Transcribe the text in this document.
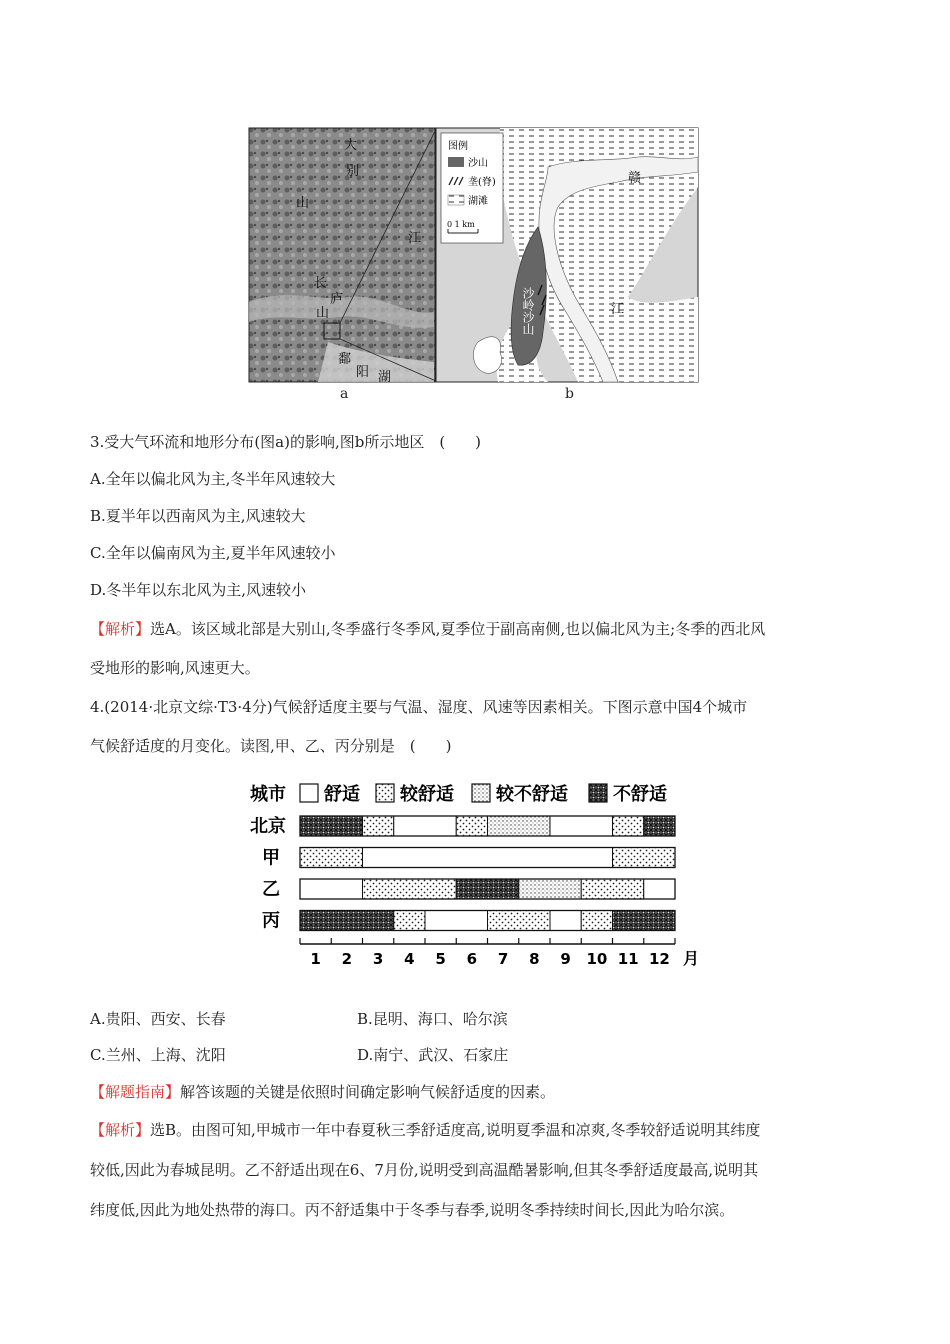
大
别
山
江
长
庐
山
鄱
阳 湖
图例
沙山
垄(脊)
湖滩
0 1 km
赣
江
沙岭沙山
a	b
3.受大气环流和地形分布(图a)的影响,图b所示地区　(　　)
A.全年以偏北风为主,冬半年风速较大
B.夏半年以西南风为主,风速较大
C.全年以偏南风为主,夏半年风速较小
D.冬半年以东北风为主,风速较小
【解析】选A。该区域北部是大别山,冬季盛行冬季风,夏季位于副高南侧,也以偏北风为主;冬季的西北风
受地形的影响,风速更大。
4.(2014·北京文综·T3·4分)气候舒适度主要与气温、湿度、风速等因素相关。下图示意中国4个城市
气候舒适度的月变化。读图,甲、乙、丙分别是　(　　)
城市 舒适 较舒适 较不舒适	不舒适
北京
甲
乙
丙
1 2 3 4 5 6 7 8 9 10 11 12 月
A.贵阳、西安、长春	B.昆明、海口、哈尔滨
C.兰州、上海、沈阳	D.南宁、武汉、石家庄
【解题指南】解答该题的关键是依照时间确定影响气候舒适度的因素。
【解析】选B。由图可知,甲城市一年中春夏秋三季舒适度高,说明夏季温和凉爽,冬季较舒适说明其纬度
较低,因此为春城昆明。乙不舒适出现在6、7月份,说明受到高温酷暑影响,但其冬季舒适度最高,说明其
纬度低,因此为地处热带的海口。丙不舒适集中于冬季与春季,说明冬季持续时间长,因此为哈尔滨。
